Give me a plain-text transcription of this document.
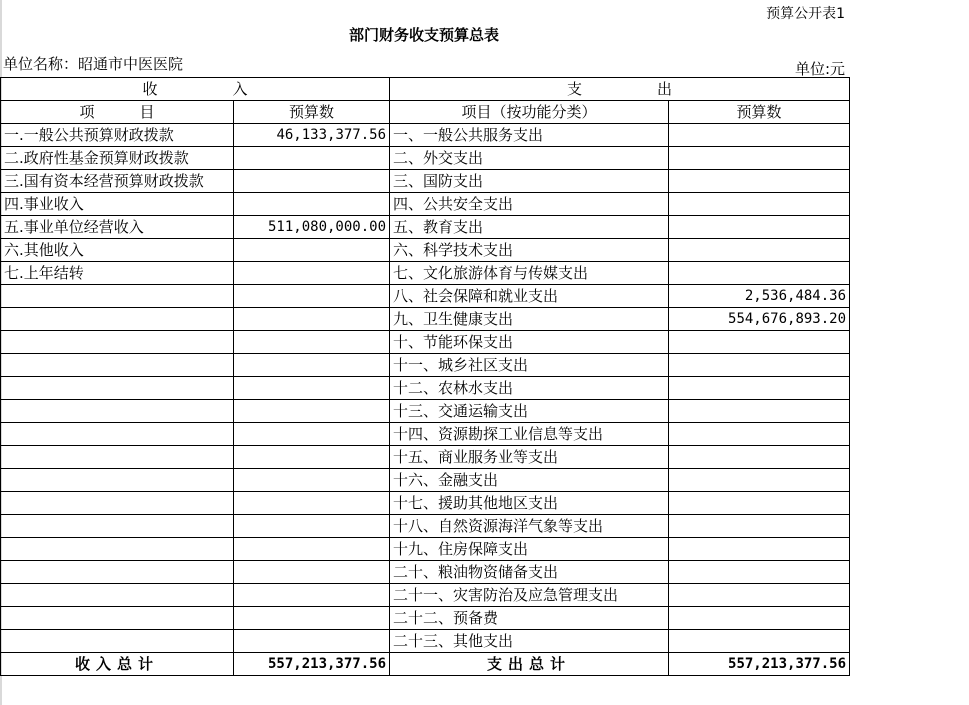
预算公开表1
部门财务收支预算总表
单位名称：昭通市中医医院	单位:元
收　　　　　入		支　　　　　出	
项　　　目	预算数	项目（按功能分类）	预算数
一.一般公共预算财政拨款	46,133,377.56	一、一般公共服务支出	
二.政府性基金预算财政拨款		二、外交支出	
三.国有资本经营预算财政拨款		三、国防支出	
四.事业收入		四、公共安全支出	
五.事业单位经营收入	511,080,000.00	五、教育支出	
六.其他收入		六、科学技术支出	
七.上年结转		七、文化旅游体育与传媒支出	
		八、社会保障和就业支出	2,536,484.36
		九、卫生健康支出	554,676,893.20
		十、节能环保支出	
		十一、城乡社区支出	
		十二、农林水支出	
		十三、交通运输支出	
		十四、资源勘探工业信息等支出	
		十五、商业服务业等支出	
		十六、金融支出	
		十七、援助其他地区支出	
		十八、自然资源海洋气象等支出	
		十九、住房保障支出	
		二十、粮油物资储备支出	
		二十一、灾害防治及应急管理支出	
		二十二、预备费	
		二十三、其他支出	
收入总计	557,213,377.56	支出总计	557,213,377.56
